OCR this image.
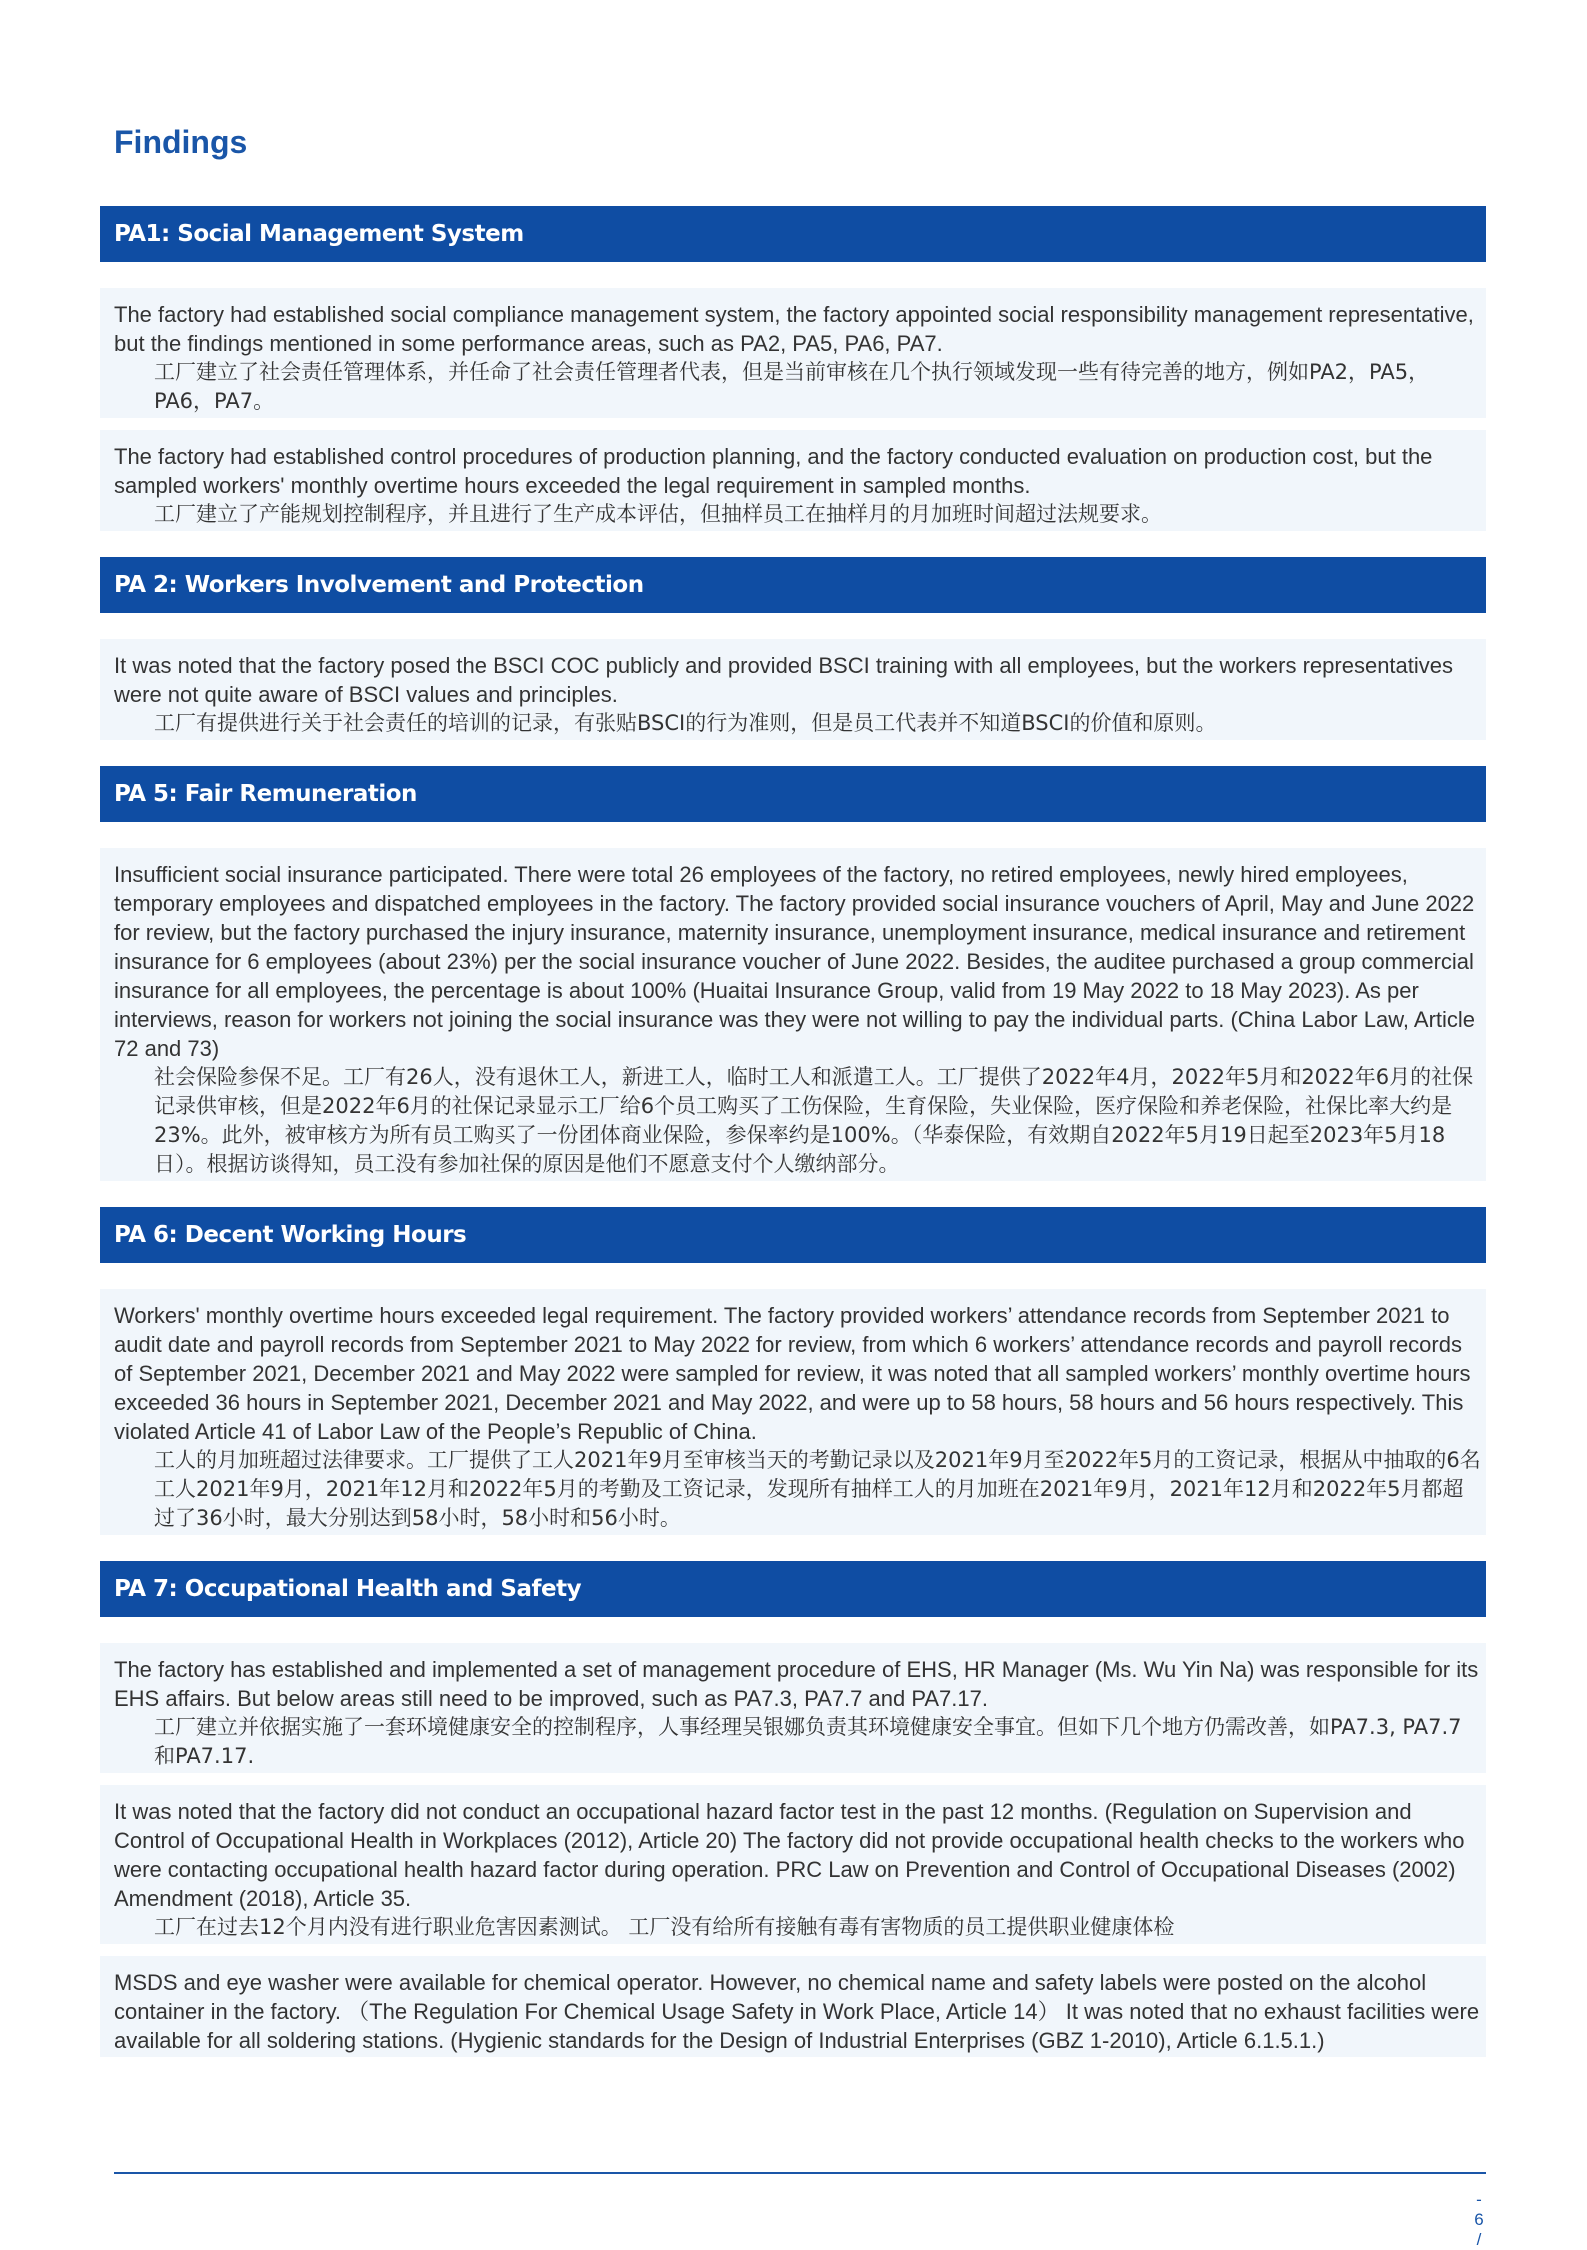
Findings
PA1: Social Management System

The factory had established social compliance management system, the factory appointed social responsibility management representative, but the findings mentioned in some performance areas, such as PA2, PA5, PA6, PA7.

工厂建立了社会责任管理体系，并任命了社会责任管理者代表，但是当前审核在几个执行领域发现一些有待完善的地方，例如PA2，PA5，PA6，PA7。

The factory had established control procedures of production planning, and the factory conducted evaluation on production cost, but the sampled workers' monthly overtime hours exceeded the legal requirement in sampled months.

工厂建立了产能规划控制程序，并且进行了生产成本评估，但抽样员工在抽样月的月加班时间超过法规要求。

PA 2: Workers Involvement and Protection

It was noted that the factory posed the BSCI COC publicly and provided BSCI training with all employees, but the workers representatives were not quite aware of BSCI values and principles.

工厂有提供进行关于社会责任的培训的记录，有张贴BSCI的行为准则，但是员工代表并不知道BSCI的价值和原则。

PA 5: Fair Remuneration

Insufficient social insurance participated. There were total 26 employees of the factory, no retired employees, newly hired employees, temporary employees and dispatched employees in the factory. The factory provided social insurance vouchers of April, May and June 2022 for review, but the factory purchased the injury insurance, maternity insurance, unemployment insurance, medical insurance and retirement insurance for 6 employees (about 23%) per the social insurance voucher of June 2022. Besides, the auditee purchased a group commercial insurance for all employees, the percentage is about 100% (Huaitai Insurance Group, valid from 19 May 2022 to 18 May 2023). As per interviews, reason for workers not joining the social insurance was they were not willing to pay the individual parts. (China Labor Law, Article 72 and 73)

社会保险参保不足。工厂有26人，没有退休工人，新进工人，临时工人和派遣工人。工厂提供了2022年4月，2022年5月和2022年6月的社保记录供审核，但是2022年6月的社保记录显示工厂给6个员工购买了工伤保险，生育保险，失业保险，医疗保险和养老保险，社保比率大约是23%。此外，被审核方为所有员工购买了一份团体商业保险，参保率约是100%。（华泰保险，有效期自2022年5月19日起至2023年5月18日）。根据访谈得知，员工没有参加社保的原因是他们不愿意支付个人缴纳部分。

PA 6: Decent Working Hours

Workers' monthly overtime hours exceeded legal requirement. The factory provided workers’ attendance records from September 2021 to audit date and payroll records from September 2021 to May 2022 for review, from which 6 workers’ attendance records and payroll records of September 2021, December 2021 and May 2022 were sampled for review, it was noted that all sampled workers’ monthly overtime hours exceeded 36 hours in September 2021, December 2021 and May 2022, and were up to 58 hours, 58 hours and 56 hours respectively. This violated Article 41 of Labor Law of the People’s Republic of China.

工人的月加班超过法律要求。工厂提供了工人2021年9月至审核当天的考勤记录以及2021年9月至2022年5月的工资记录，根据从中抽取的6名工人2021年9月，2021年12月和2022年5月的考勤及工资记录，发现所有抽样工人的月加班在2021年9月，2021年12月和2022年5月都超过了36小时，最大分别达到58小时，58小时和56小时。

PA 7: Occupational Health and Safety

The factory has established and implemented a set of management procedure of EHS, HR Manager (Ms. Wu Yin Na) was responsible for its EHS affairs. But below areas still need to be improved, such as PA7.3, PA7.7 and PA7.17.

工厂建立并依据实施了一套环境健康安全的控制程序，人事经理吴银娜负责其环境健康安全事宜。但如下几个地方仍需改善，如PA7.3, PA7.7和PA7.17.

It was noted that the factory did not conduct an occupational hazard factor test in the past 12 months. (Regulation on Supervision and Control of Occupational Health in Workplaces (2012), Article 20) The factory did not provide occupational health checks to the workers who were contacting occupational health hazard factor during operation. PRC Law on Prevention and Control of Occupational Diseases (2002) Amendment (2018), Article 35.

工厂在过去12个月内没有进行职业危害因素测试。 工厂没有给所有接触有毒有害物质的员工提供职业健康体检

MSDS and eye washer were available for chemical operator. However, no chemical name and safety labels were posted on the alcohol container in the factory. （The Regulation For Chemical Usage Safety in Work Place, Article 14） It was noted that no exhaust facilities were available for all soldering stations. (Hygienic standards for the Design of Industrial Enterprises (GBZ 1-2010), Article 6.1.5.1.)

-
6
/
